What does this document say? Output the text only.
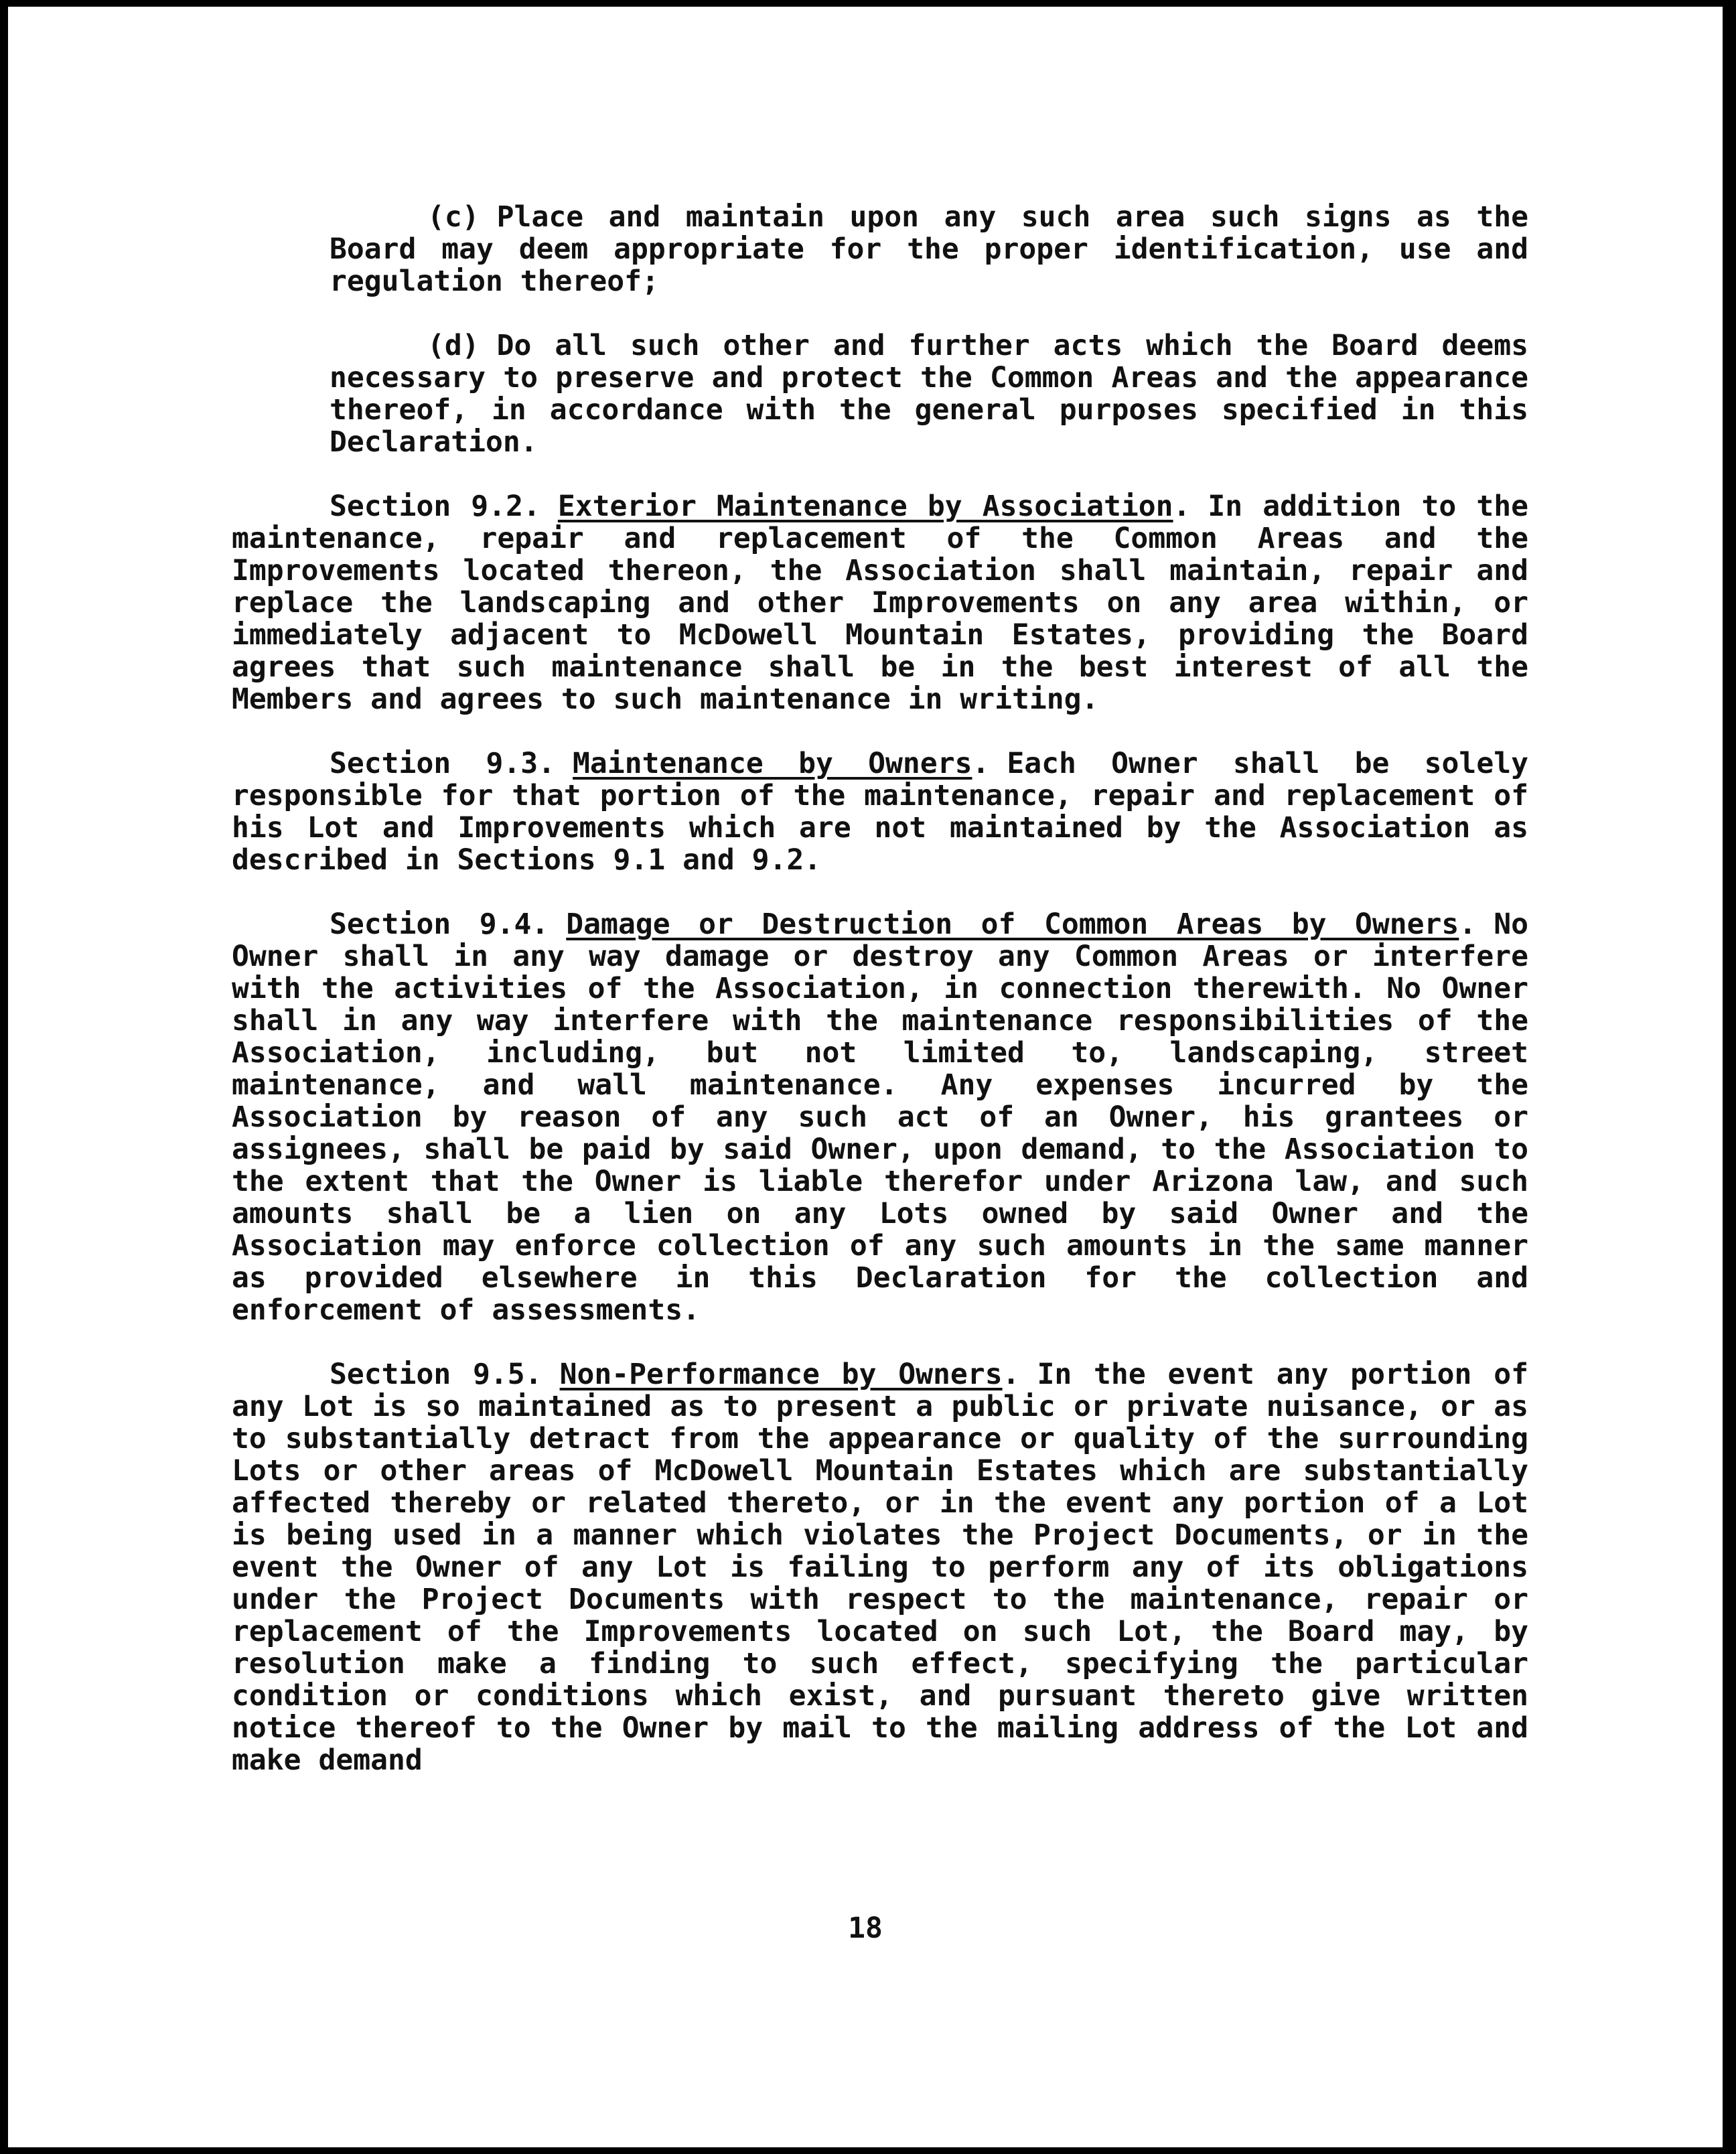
(c) Place and maintain upon any such area such signs as the Board may deem appropriate for the proper identification, use and regulation thereof;

(d) Do all such other and further acts which the Board deems necessary to preserve and protect the Common Areas and the appearance thereof, in accordance with the general purposes specified in this Declaration.

Section 9.2. Exterior Maintenance by Association. In addition to the maintenance, repair and replacement of the Common Areas and the Improvements located thereon, the Association shall maintain, repair and replace the landscaping and other Improvements on any area within, or immediately adjacent to McDowell Mountain Estates, providing the Board agrees that such maintenance shall be in the best interest of all the Members and agrees to such maintenance in writing.

Section 9.3. Maintenance by Owners. Each Owner shall be solely responsible for that portion of the maintenance, repair and replacement of his Lot and Improvements which are not maintained by the Association as described in Sections 9.1 and 9.2.

Section 9.4. Damage or Destruction of Common Areas by Owners. No Owner shall in any way damage or destroy any Common Areas or interfere with the activities of the Association, in connection therewith. No Owner shall in any way interfere with the maintenance responsibilities of the Association, including, but not limited to, landscaping, street maintenance, and wall maintenance. Any expenses incurred by the Association by reason of any such act of an Owner, his grantees or assignees, shall be paid by said Owner, upon demand, to the Association to the extent that the Owner is liable therefor under Arizona law, and such amounts shall be a lien on any Lots owned by said Owner and the Association may enforce collection of any such amounts in the same manner as provided elsewhere in this Declaration for the collection and enforcement of assessments.

Section 9.5. Non-Performance by Owners. In the event any portion of any Lot is so maintained as to present a public or private nuisance, or as to substantially detract from the appearance or quality of the surrounding Lots or other areas of McDowell Mountain Estates which are substantially affected thereby or related thereto, or in the event any portion of a Lot is being used in a manner which violates the Project Documents, or in the event the Owner of any Lot is failing to perform any of its obligations under the Project Documents with respect to the maintenance, repair or replacement of the Improvements located on such Lot, the Board may, by resolution make a finding to such effect, specifying the particular condition or conditions which exist, and pursuant thereto give written notice thereof to the Owner by mail to the mailing address of the Lot and make demand

18
